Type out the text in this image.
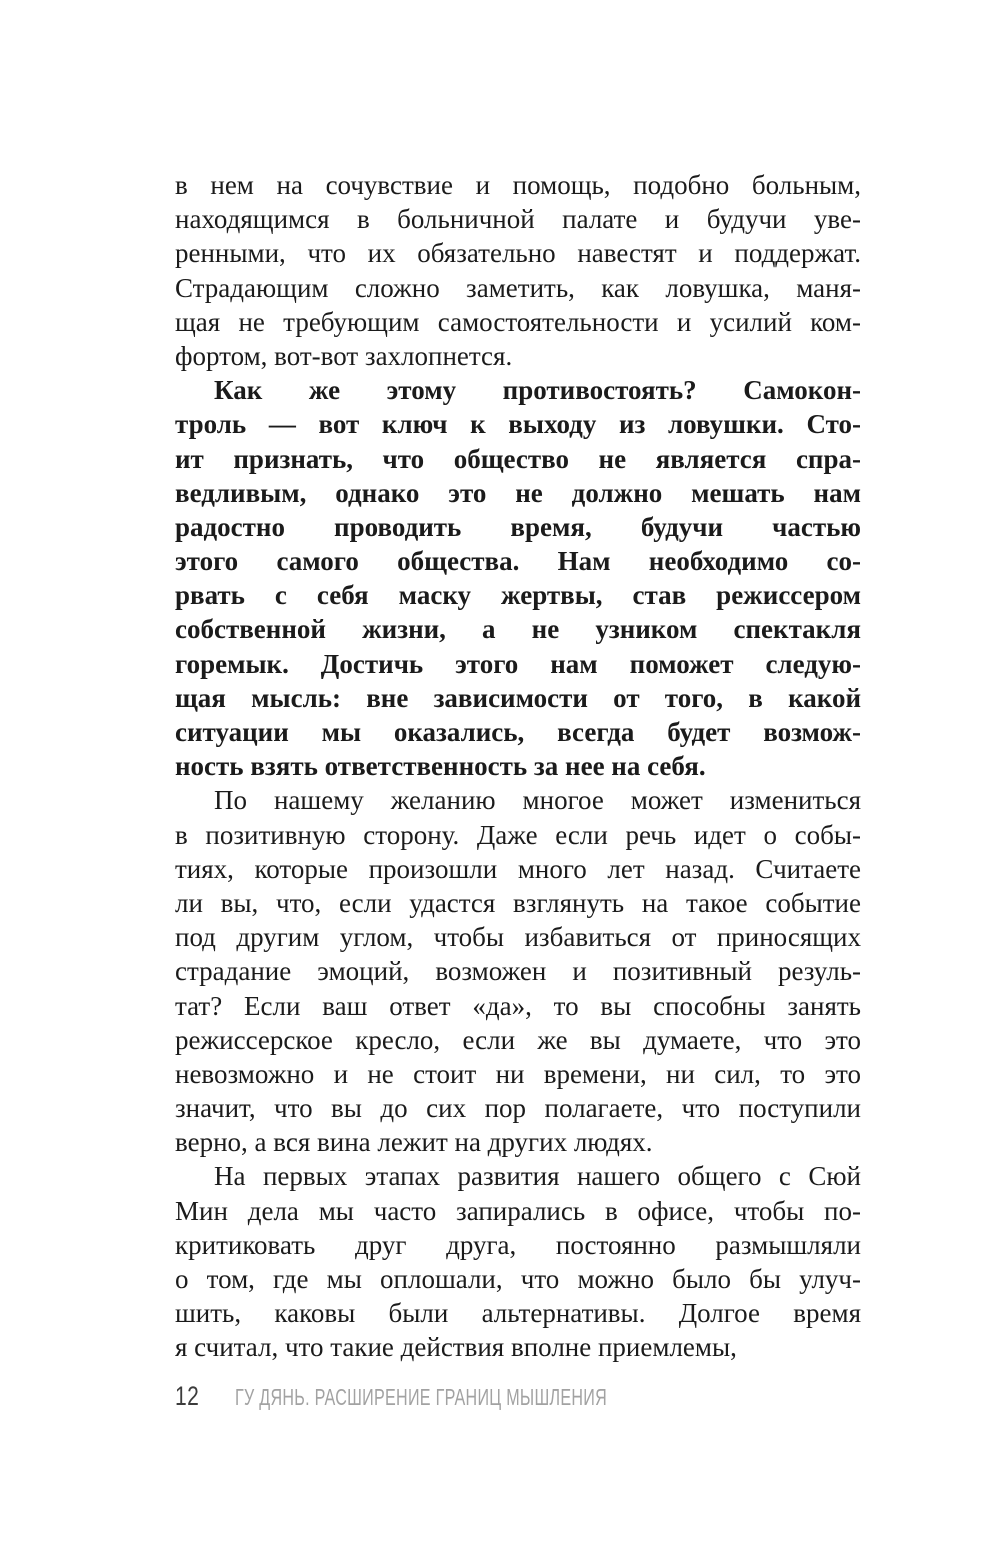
в нем на сочувствие и помощь, подобно больным,
находящимся в больничной палате и будучи уве-
ренными, что их обязательно навестят и поддержат.
Страдающим сложно заметить, как ловушка, маня-
щая не требующим самостоятельности и усилий ком-
фортом, вот-вот захлопнется.
Как же этому противостоять? Самокон-
троль — вот ключ к выходу из ловушки. Сто-
ит признать, что общество не является спра-
ведливым, однако это не должно мешать нам
радостно проводить время, будучи частью
этого самого общества. Нам необходимо со-
рвать с себя маску жертвы, став режиссером
собственной жизни, а не узником спектакля
горемык. Достичь этого нам поможет следую-
щая мысль: вне зависимости от того, в какой
ситуации мы оказались, всегда будет возмож-
ность взять ответственность за нее на себя.
По нашему желанию многое может измениться
в позитивную сторону. Даже если речь идет о собы-
тиях, которые произошли много лет назад. Считаете
ли вы, что, если удастся взглянуть на такое событие
под другим углом, чтобы избавиться от приносящих
страдание эмоций, возможен и позитивный резуль-
тат? Если ваш ответ «да», то вы способны занять
режиссерское кресло, если же вы думаете, что это
невозможно и не стоит ни времени, ни сил, то это
значит, что вы до сих пор полагаете, что поступили
верно, а вся вина лежит на других людях.
На первых этапах развития нашего общего с Сюй
Мин дела мы часто запирались в офисе, чтобы по-
критиковать друг друга, постоянно размышляли
о том, где мы оплошали, что можно было бы улуч-
шить, каковы были альтернативы. Долгое время
я считал, что такие действия вполне приемлемы,
12 ГУ ДЯНЬ. РАСШИРЕНИЕ ГРАНИЦ МЫШЛЕНИЯ
